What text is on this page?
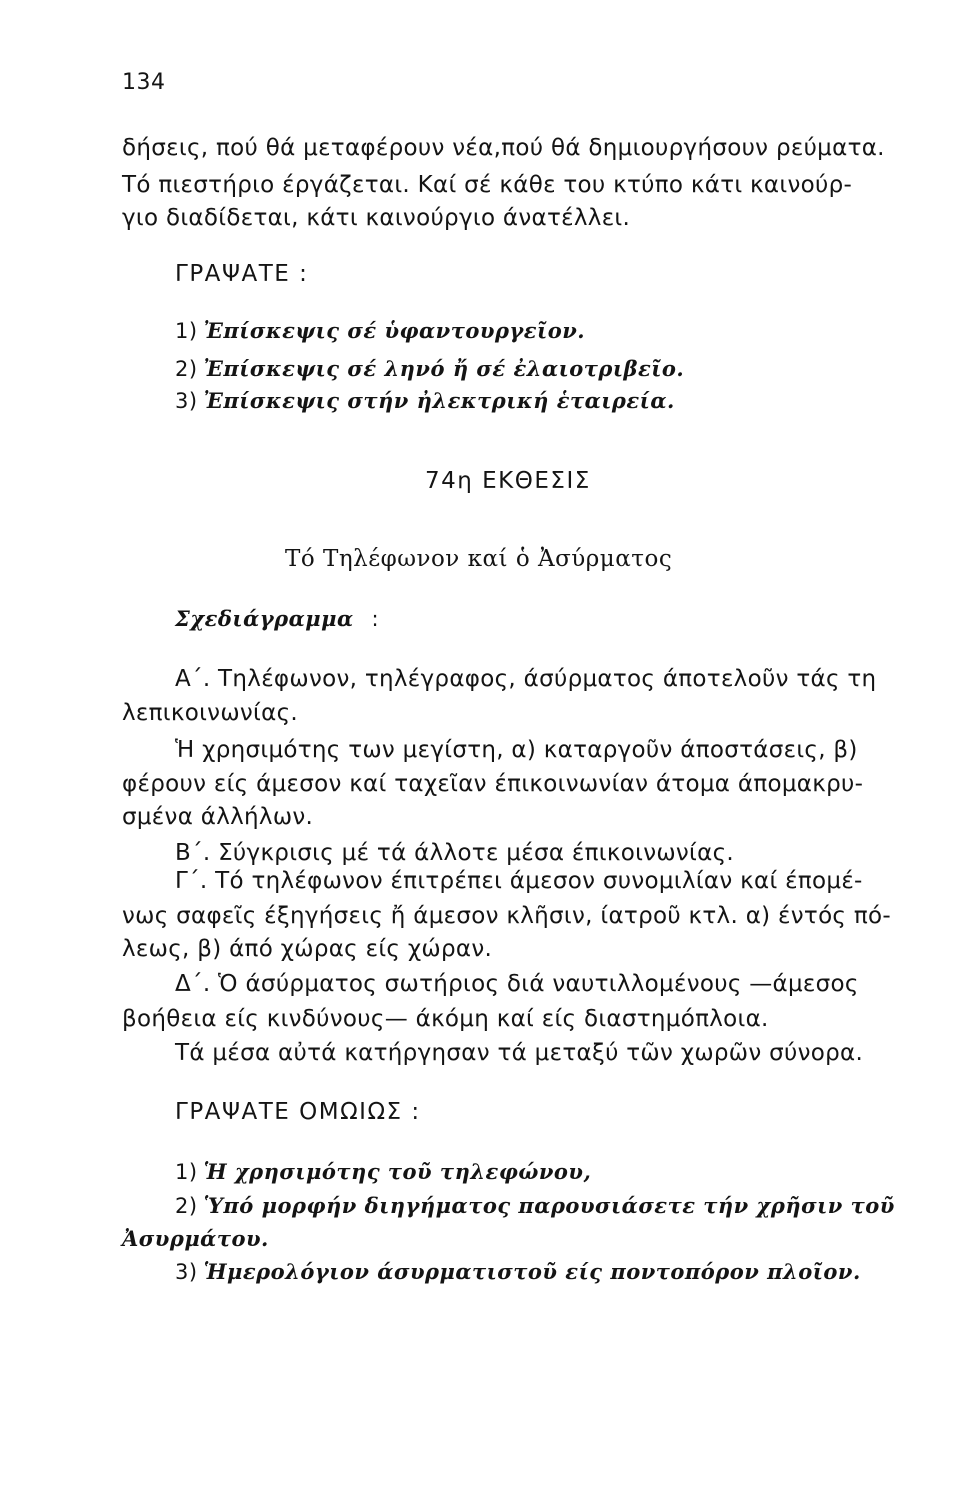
134
δήσεις, πού θά μεταφέρουν νέα,πού θά δημιουργήσουν ρεύματα.
Τό πιεστήριο έργάζεται. Καί σέ κάθε του κτύπο κάτι καινούρ-
γιο διαδίδεται, κάτι καινούργιο άνατέλλει.
ΓΡΑΨΑΤΕ :
1) Ἐπίσκεψις σέ ὑφαντουργεῖον.
2) Ἐπίσκεψις σέ ληνό ἤ σέ ἐλαιοτριβεῖο.
3) Ἐπίσκεψις στήν ἠλεκτρική ἑταιρεία.
74η ΕΚΘΕΣΙΣ
Τό Τηλέφωνον καί ὁ Ἀσύρματος
Σχεδιάγραμμα :
Α΄. Τηλέφωνον, τηλέγραφος, άσύρματος άποτελοῦν τάς τη
λεπικοινωνίας.
Ἡ χρησιμότης των μεγίστη, α) καταργοῦν άποστάσεις, β)
φέρουν είς άμεσον καί ταχεῖαν έπικοινωνίαν άτομα άπομακρυ-
σμένα άλλήλων.
Β΄. Σύγκρισις μέ τά άλλοτε μέσα έπικοινωνίας.
Γ΄. Τό τηλέφωνον έπιτρέπει άμεσον συνομιλίαν καί έπομέ-
νως σαφεῖς έξηγήσεις ἤ άμεσον κλῆσιν, ίατροῦ κτλ. α) έντός πό-
λεως, β) άπό χώρας είς χώραν.
Δ΄. Ὁ άσύρματος σωτήριος διά ναυτιλλομένους —άμεσος
βοήθεια είς κινδύνους— άκόμη καί είς διαστημόπλοια.
Τά μέσα αὐτά κατήργησαν τά μεταξύ τῶν χωρῶν σύνορα.
ΓΡΑΨΑΤΕ ΟΜΩΙΩΣ :
1) Ἡ χρησιμότης τοῦ τηλεφώνου,
2) Ὑπό μορφήν διηγήματος παρουσιάσετε τήν χρῆσιν τοῦ
Ἀσυρμάτου.
3) Ἡμερολόγιον άσυρματιστοῦ είς ποντοπόρον πλοῖον.
